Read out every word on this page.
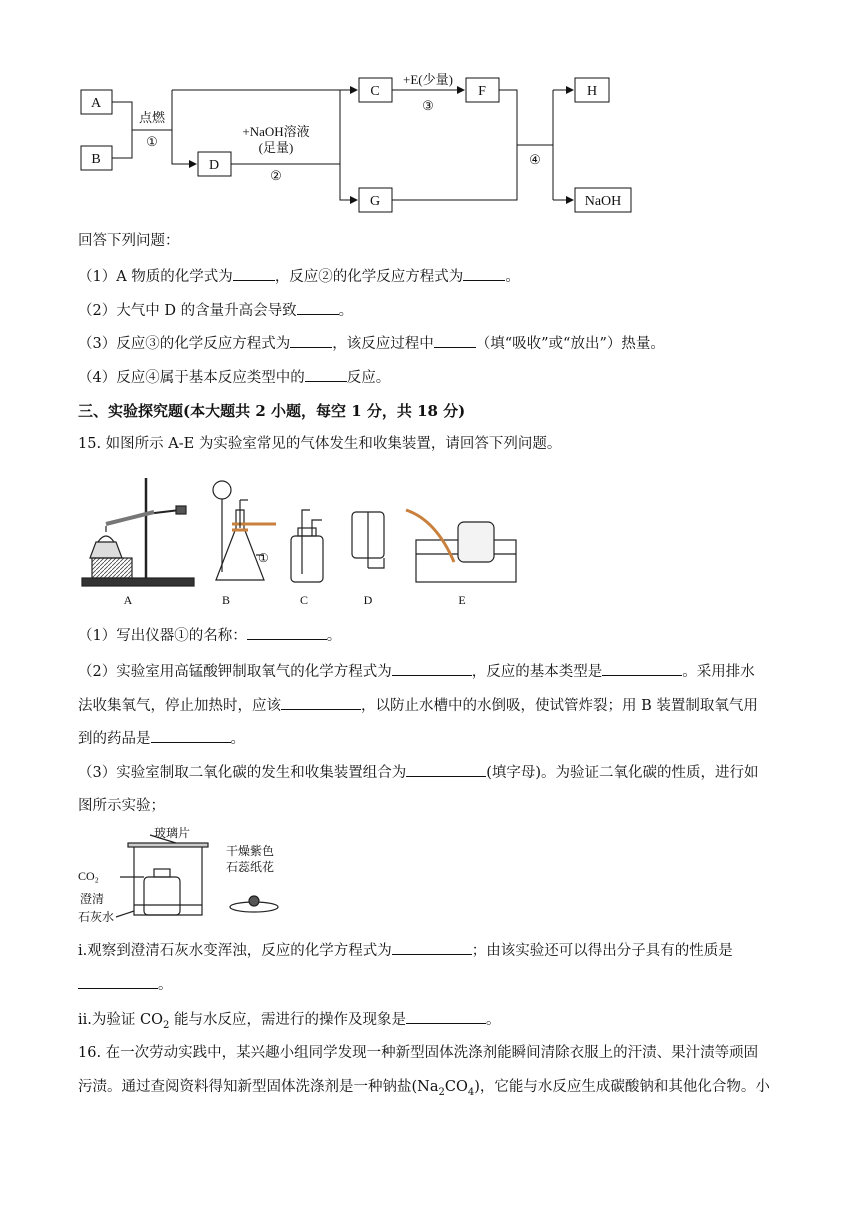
A
B	D
C	F
G
H
NaOH
点燃
①
+NaOH溶液
(足量)
②
+E(少量)
③
④
回答下列问题：
（1）A 物质的化学式为	，反应②的化学反应方程式为	。
（2）大气中 D 的含量升高会导致	。
（3）反应③的化学反应方程式为	，该反应过程中	（填“吸收”或“放出”）热量。
（4）反应④属于基本反应类型中的	反应。
三、实验探究题(本大题共 2 小题，每空 1 分，共 18 分)
15. 如图所示 A-E 为实验室常见的气体发生和收集装置，请回答下列问题。
①
A	B	C	D	E
（1）写出仪器①的名称：	。
（2）实验室用高锰酸钾制取氧气的化学方程式为	，反应的基本类型是	。采用排水
法收集氧气，停止加热时，应该	，以防止水槽中的水倒吸，使试管炸裂；用 B 装置制取氧气用
到的药品是	。
（3）实验室制取二氧化碳的发生和收集装置组合为	(填字母)。为验证二氧化碳的性质，进行如
图所示实验；
玻璃片
CO₂
澄清
石灰水
干燥紫色
石蕊纸花
ⅰ.观察到澄清石灰水变浑浊，反应的化学方程式为	；由该实验还可以得出分子具有的性质是
。
ⅱ.为验证 $CO_2$ 能与水反应，需进行的操作及现象是	。
16. 在一次劳动实践中，某兴趣小组同学发现一种新型固体洗涤剂能瞬间清除衣服上的汗渍、果汁渍等顽固
污渍。通过查阅资料得知新型固体洗涤剂是一种钠盐$(Na_2CO_4)$，它能与水反应生成碳酸钠和其他化合物。小
